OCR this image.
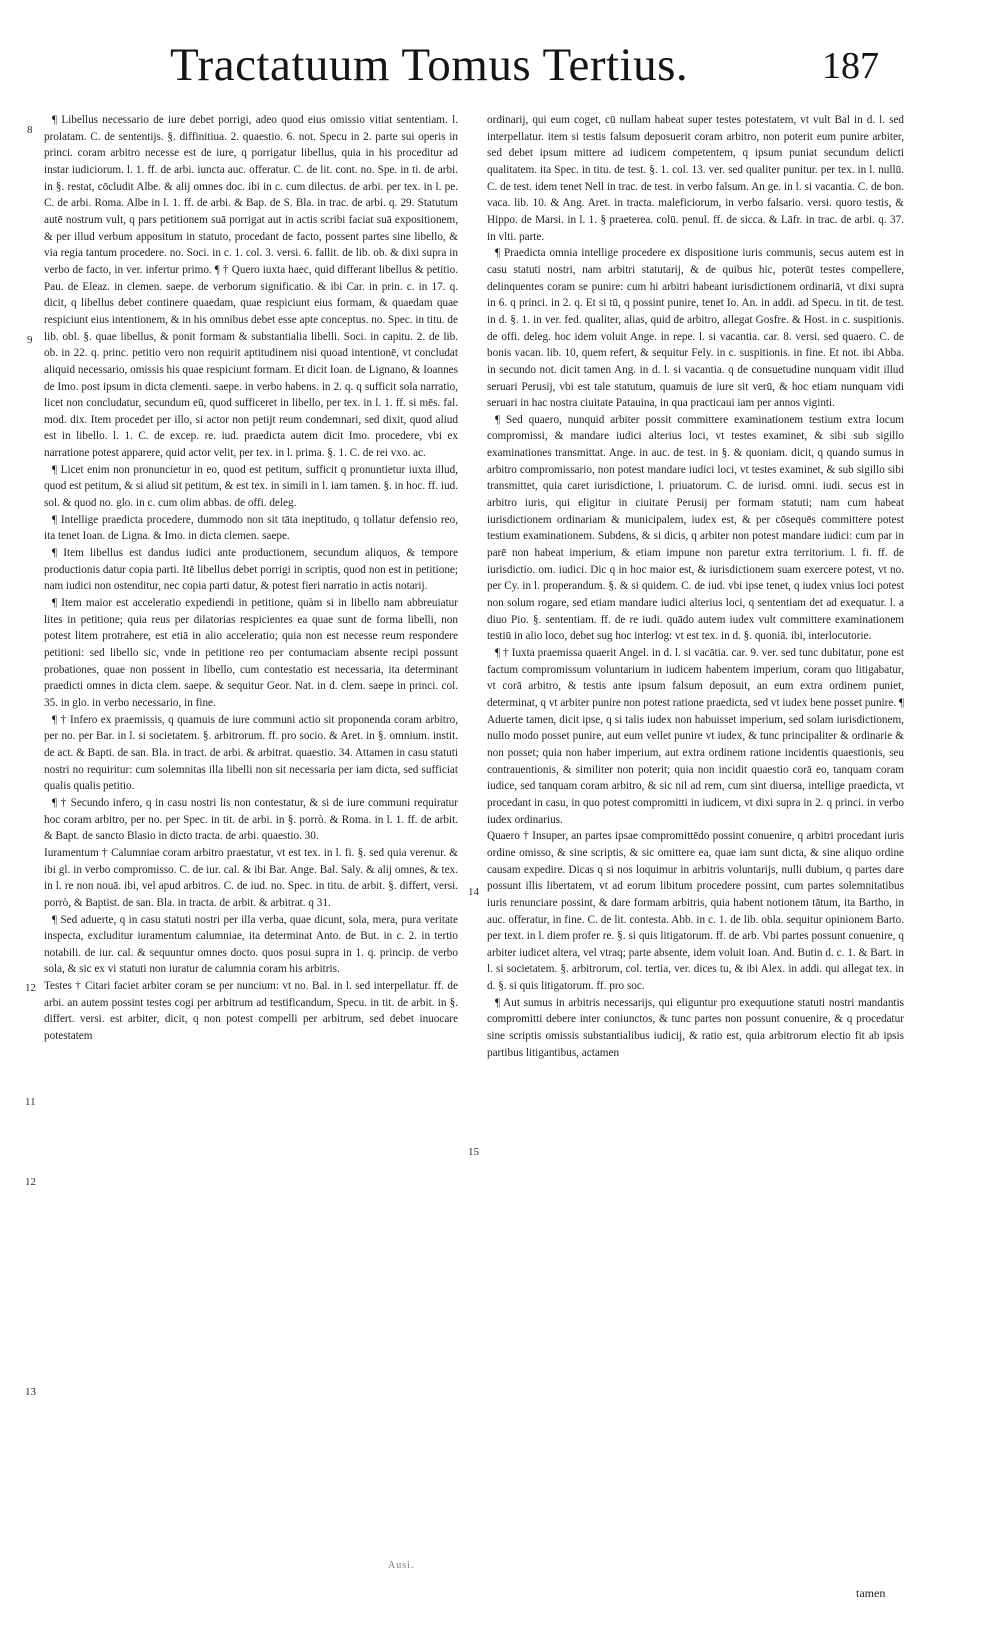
Tractatuum Tomus Tertius.	187
8
9
12
11
12
13
14
15

¶ Libellus necessario de iure debet porrigi, adeo quod eius omissio vitiat sententiam. l. prolatam. C. de sententijs. §. diffinitiua. 2. quaestio. 6. not. Specu in 2. parte sui operis in princi. coram arbitro necesse est de iure, q porrigatur libellus, quia in his proceditur ad instar iudiciorum. l. 1. ff. de arbi. iuncta auc. offeratur. C. de lit. cont. no. Spe. in ti. de arbi. in §. restat, cōcludit Albe. & alij omnes doc. ibi in c. cum dilectus. de arbi. per tex. in l. pe. C. de arbi. Roma. Albe in l. 1. ff. de arbi. & Bap. de S. Bla. in trac. de arbi. q. 29. Statutum autē nostrum vult, q pars petitionem suā porrigat aut in actis scribi faciat suā expositionem, & per illud verbum appositum in statuto, procedant de facto, possent partes sine libello, & via regia tantum procedere. no. Soci. in c. 1. col. 3. versi. 6. fallit. de lib. ob. & dixi supra in verbo de facto, in ver. infertur primo. ¶ † Quero iuxta haec, quid differant libellus & petitio. Pau. de Eleaz. in clemen. saepe. de verborum significatio. & ibi Car. in prin. c. in 17. q. dicit, q libellus debet continere quaedam, quae respiciunt eius formam, & quaedam quae respiciunt eius intentionem, & in his omnibus debet esse apte conceptus. no. Spec. in titu. de lib. obl. §. quae libellus, & ponit formam & substantialia libelli. Soci. in capitu. 2. de lib. ob. in 22. q. princ. petitio vero non requirit aptitudinem nisi quoad intentionē, vt concludat aliquid necessario, omissis his quae respiciunt formam. Et dicit Ioan. de Lignano, & Ioannes de Imo. post ipsum in dicta clementi. saepe. in verbo habens. in 2. q. q sufficit sola narratio, licet non concludatur, secundum eū, quod sufficeret in libello, per tex. in l. 1. ff. si mēs. fal. mod. dix. Item procedet per illo, si actor non petijt reum condemnari, sed dixit, quod aliud est in libello. l. 1. C. de excep. re. iud. praedicta autem dicit Imo. procedere, vbi ex narratione potest apparere, quid actor velit, per tex. in l. prima. §. 1. C. de rei vxo. ac.

¶ Licet enim non pronuncietur in eo, quod est petitum, sufficit q pronuntietur iuxta illud, quod est petitum, & si aliud sit petitum, & est tex. in simili in l. iam tamen. §. in hoc. ff. iud. sol. & quod no. glo. in c. cum olim abbas. de offi. deleg.

¶ Intellige praedicta procedere, dummodo non sit tāta ineptitudo, q tollatur defensio reo, ita tenet Ioan. de Ligna. & Imo. in dicta clemen. saepe.

¶ Item libellus est dandus iudici ante productionem, secundum aliquos, & tempore productionis datur copia parti. Itē libellus debet porrigi in scriptis, quod non est in petitione; nam iudici non ostenditur, nec copia parti datur, & potest fieri narratio in actis notarij.

¶ Item maior est acceleratio expediendi in petitione, quàm si in libello nam abbreuiatur lites in petitione; quia reus per dilatorias respicientes ea quae sunt de forma libelli, non potest litem protrahere, est etiā in alio acceleratio; quia non est necesse reum respondere petitioni: sed libello sic, vnde in petitione reo per contumaciam absente recipi possunt probationes, quae non possent in libello, cum contestatio est necessaria, ita determinant praedicti omnes in dicta clem. saepe. & sequitur Geor. Nat. in d. clem. saepe in princi. col. 35. in glo. in verbo necessario, in fine.

¶ † Infero ex praemissis, q quamuis de iure communi actio sit proponenda coram arbitro, per no. per Bar. in l. si societatem. §. arbitrorum. ff. pro socio. & Aret. in §. omnium. instit. de act. & Bapti. de san. Bla. in tract. de arbi. & arbitrat. quaestio. 34. Attamen in casu statuti nostri no requiritur: cum solemnitas illa libelli non sit necessaria per iam dicta, sed sufficiat qualis qualis petitio.

¶ † Secundo infero, q in casu nostri lis non contestatur, & si de iure communi requiratur hoc coram arbitro, per no. per Spec. in tit. de arbi. in §. porrò. & Roma. in l. 1. ff. de arbit. & Bapt. de sancto Blasio in dicto tracta. de arbi. quaestio. 30.

Iuramentum † Calumniae coram arbitro praestatur, vt est tex. in l. fi. §. sed quia verenur. & ibi gl. in verbo compromisso. C. de iur. cal. & ibi Bar. Ange. Bal. Saly. & alij omnes, & tex. in l. re non nouā. ibi, vel apud arbitros. C. de iud. no. Spec. in titu. de arbit. §. differt, versi. porrò, & Baptist. de san. Bla. in tracta. de arbit. & arbitrat. q 31.

¶ Sed aduerte, q in casu statuti nostri per illa verba, quae dicunt, sola, mera, pura veritate inspecta, excluditur iuramentum calumniae, ita determinat Anto. de But. in c. 2. in tertio notabili. de iur. cal. & sequuntur omnes docto. quos posui supra in 1. q. princip. de verbo sola, & sic ex vi statuti non iuratur de calumnia coram his arbitris.

Testes † Citari faciet arbiter coram se per nuncium: vt no. Bal. in l. sed interpellatur. ff. de arbi. an autem possint testes cogi per arbitrum ad testificandum, Specu. in tit. de arbit. in §. differt. versi. est arbiter, dicit, q non potest compelli per arbitrum, sed debet inuocare potestatem

ordinarij, qui eum coget, cū nullam habeat super testes potestatem, vt vult Bal in d. l. sed interpellatur. item si testis falsum deposuerit coram arbitro, non poterit eum punire arbiter, sed debet ipsum mittere ad iudicem competentem, q ipsum puniat secundum delicti qualitatem. ita Spec. in titu. de test. §. 1. col. 13. ver. sed qualiter punitur. per tex. in l. nullū. C. de test. idem tenet Nell in trac. de test. in verbo falsum. An ge. in l. si vacantia. C. de bon. vaca. lib. 10. & Ang. Aret. in tracta. maleficiorum, in verbo falsario. versi. quoro testis, & Hippo. de Marsi. in l. 1. § praeterea. colū. penul. ff. de sicca. & Lāfr. in trac. de arbi. q. 37. in vlti. parte.

¶ Praedicta omnia intellige procedere ex dispositione iuris communis, secus autem est in casu statuti nostri, nam arbitri statutarij, & de quibus hic, poterūt testes compellere, delinquentes coram se punire: cum hi arbitri habeant iurisdictionem ordinariā, vt dixi supra in 6. q princi. in 2. q. Et si tū, q possint punire, tenet Io. An. in addi. ad Specu. in tit. de test. in d. §. 1. in ver. fed. qualiter, alias, quid de arbitro, allegat Gosfre. & Host. in c. suspitionis. de offi. deleg. hoc idem voluit Ange. in repe. l. si vacantia. car. 8. versi. sed quaero. C. de bonis vacan. lib. 10, quem refert, & sequitur Fely. in c. suspitionis. in fine. Et not. ibi Abba. in secundo not. dicit tamen Ang. in d. l. si vacantia. q de consuetudine nunquam vidit illud seruari Perusij, vbi est tale statutum, quamuis de iure sit verū, & hoc etiam nunquam vidi seruari in hac nostra ciuitate Patauina, in qua practicaui iam per annos viginti.

¶ Sed quaero, nunquid arbiter possit committere examinationem testium extra locum compromissi, & mandare iudici alterius loci, vt testes examinet, & sibi sub sigillo examinationes transmittat. Ange. in auc. de test. in §. & quoniam. dicit, q quando sumus in arbitro compromissario, non potest mandare iudici loci, vt testes examinet, & sub sigillo sibi transmittet, quia caret iurisdictione, l. priuatorum. C. de iurisd. omni. iudi. secus est in arbitro iuris, qui eligitur in ciuitate Perusij per formam statuti; nam cum habeat iurisdictionem ordinariam & municipalem, iudex est, & per cōsequēs committere potest testium examinationem. Subdens, & si dicis, q arbiter non potest mandare iudici: cum par in parē non habeat imperium, & etiam impune non paretur extra territorium. l. fi. ff. de iurisdictio. om. iudici. Dic q in hoc maior est, & iurisdictionem suam exercere potest, vt no. per Cy. in l. properandum. §. & si quidem. C. de iud. vbi ipse tenet, q iudex vnius loci potest non solum rogare, sed etiam mandare iudici alterius loci, q sententiam det ad exequatur. l. a diuo Pio. §. sententiam. ff. de re iudi. quādo autem iudex vult committere examinationem testiū in alio loco, debet sug hoc interlog: vt est tex. in d. §. quoniā. ibi, interlocutorie.

¶ † Iuxta praemissa quaerit Angel. in d. l. si vacātia. car. 9. ver. sed tunc dubitatur, pone est factum compromissum voluntarium in iudicem habentem imperium, coram quo litigabatur, vt corā arbitro, & testis ante ipsum falsum deposuit, an eum extra ordinem puniet, determinat, q vt arbiter punire non potest ratione praedicta, sed vt iudex bene posset punire. ¶ Aduerte tamen, dicit ipse, q si talis iudex non habuisset imperium, sed solam iurisdictionem, nullo modo posset punire, aut eum vellet punire vt iudex, & tunc principaliter & ordinarie & non posset; quia non haber imperium, aut extra ordinem ratione incidentis quaestionis, seu contrauentionis, & similiter non poterit; quia non incidit quaestio corā eo, tanquam coram iudice, sed tanquam coram arbitro, & sic nil ad rem, cum sint diuersa, intellige praedicta, vt procedant in casu, in quo potest compromitti in iudicem, vt dixi supra in 2. q princi. in verbo iudex ordinarius.

Quaero † Insuper, an partes ipsae compromittēdo possint conuenire, q arbitri procedant iuris ordine omisso, & sine scriptis, & sic omittere ea, quae iam sunt dicta, & sine aliquo ordine causam expedire. Dicas q si nos loquimur in arbitris voluntarijs, nulli dubium, q partes dare possunt illis libertatem, vt ad eorum libitum procedere possint, cum partes solemnitatibus iuris renunciare possint, & dare formam arbitris, quia habent notionem tātum, ita Bartho, in auc. offeratur, in fine. C. de lit. contesta. Abb. in c. 1. de lib. obla. sequitur opinionem Barto. per text. in l. diem profer re. §. si quis litigatorum. ff. de arb. Vbi partes possunt conuenire, q arbiter iudicet altera, vel vtraq; parte absente, idem voluit Ioan. And. Butin d. c. 1. & Bart. in l. si societatem. §. arbitrorum, col. tertia, ver. dices tu, & ibi Alex. in addi. qui allegat tex. in d. §. si quis litigatorum. ff. pro soc.

¶ Aut sumus in arbitris necessarijs, qui eliguntur pro exequutione statuti nostri mandantis compromitti debere inter coniunctos, & tunc partes non possunt conuenire, & q procedatur sine scriptis omissis substantialibus iudicij, & ratio est, quia arbitrorum electio fit ab ipsis partibus litigantibus, actamen

Ausi.
tamen
